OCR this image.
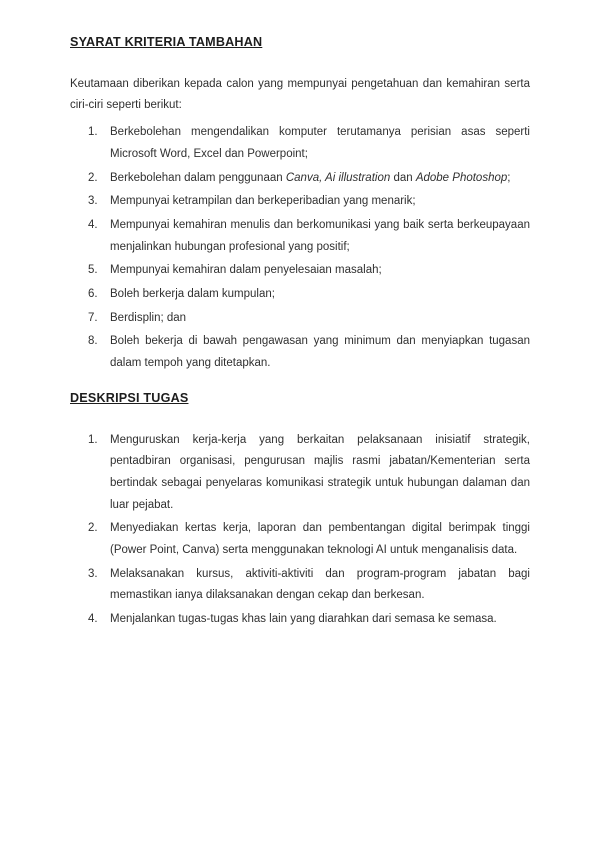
SYARAT KRITERIA TAMBAHAN

Keutamaan diberikan kepada calon yang mempunyai pengetahuan dan kemahiran serta ciri-ciri seperti berikut:

1.	Berkebolehan mengendalikan komputer terutamanya perisian asas seperti Microsoft Word, Excel dan Powerpoint;
2.	Berkebolehan dalam penggunaan Canva, Ai illustration dan Adobe Photoshop;
3.	Mempunyai ketrampilan dan berkeperibadian yang menarik;
4.	Mempunyai kemahiran menulis dan berkomunikasi yang baik serta berkeupayaan menjalinkan hubungan profesional yang positif;
5.	Mempunyai kemahiran dalam penyelesaian masalah;
6.	Boleh berkerja dalam kumpulan;
7.	Berdisplin; dan
8.	Boleh bekerja di bawah pengawasan yang minimum dan menyiapkan tugasan dalam tempoh yang ditetapkan.
DESKRIPSI TUGAS
1.	Menguruskan kerja-kerja yang berkaitan pelaksanaan inisiatif strategik, pentadbiran organisasi, pengurusan majlis rasmi jabatan/Kementerian serta bertindak sebagai penyelaras komunikasi strategik untuk hubungan dalaman dan luar pejabat.
2.	Menyediakan kertas kerja, laporan dan pembentangan digital berimpak tinggi (Power Point, Canva) serta menggunakan teknologi AI untuk menganalisis data.
3.	Melaksanakan kursus, aktiviti-aktiviti dan program-program jabatan bagi memastikan ianya dilaksanakan dengan cekap dan berkesan.
4.	Menjalankan tugas-tugas khas lain yang diarahkan dari semasa ke semasa.
